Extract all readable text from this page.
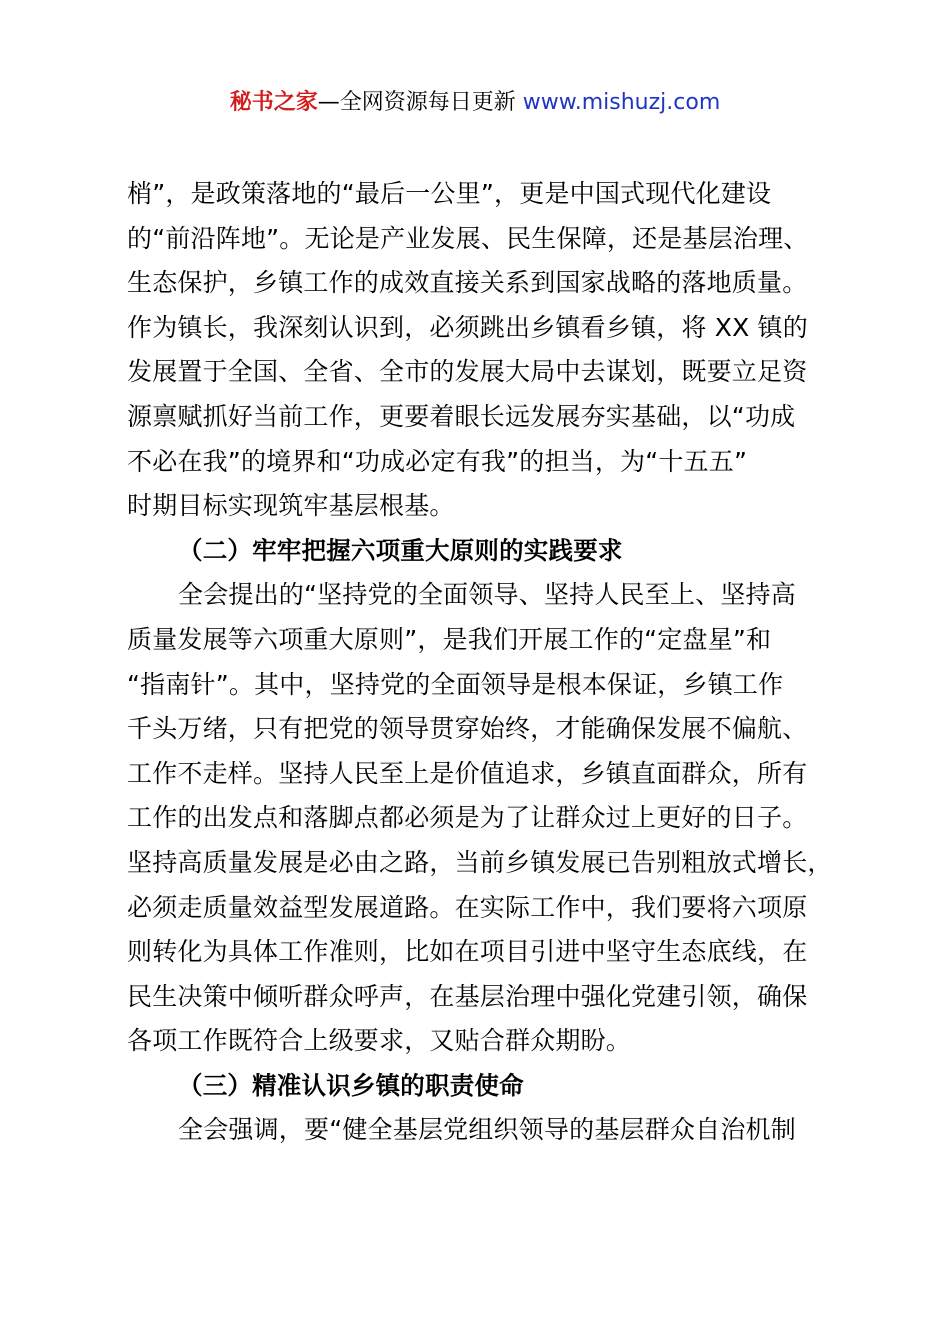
秘书之家—全网资源每日更新 www.mishuzj.com
梢”，是政策落地的“最后一公里”，更是中国式现代化建设
的“前沿阵地”。无论是产业发展、民生保障，还是基层治理、
生态保护，乡镇工作的成效直接关系到国家战略的落地质量。
作为镇长，我深刻认识到，必须跳出乡镇看乡镇，将 XX 镇的
发展置于全国、全省、全市的发展大局中去谋划，既要立足资
源禀赋抓好当前工作，更要着眼长远发展夯实基础，以“功成
不必在我”的境界和“功成必定有我”的担当，为“十五五”
时期目标实现筑牢基层根基。
（二）牢牢把握六项重大原则的实践要求
全会提出的“坚持党的全面领导、坚持人民至上、坚持高
质量发展等六项重大原则”，是我们开展工作的“定盘星”和
“指南针”。其中，坚持党的全面领导是根本保证，乡镇工作
千头万绪，只有把党的领导贯穿始终，才能确保发展不偏航、
工作不走样。坚持人民至上是价值追求，乡镇直面群众，所有
工作的出发点和落脚点都必须是为了让群众过上更好的日子。
坚持高质量发展是必由之路，当前乡镇发展已告别粗放式增长，
必须走质量效益型发展道路。在实际工作中，我们要将六项原
则转化为具体工作准则，比如在项目引进中坚守生态底线，在
民生决策中倾听群众呼声，在基层治理中强化党建引领，确保
各项工作既符合上级要求，又贴合群众期盼。
（三）精准认识乡镇的职责使命
全会强调，要“健全基层党组织领导的基层群众自治机制
